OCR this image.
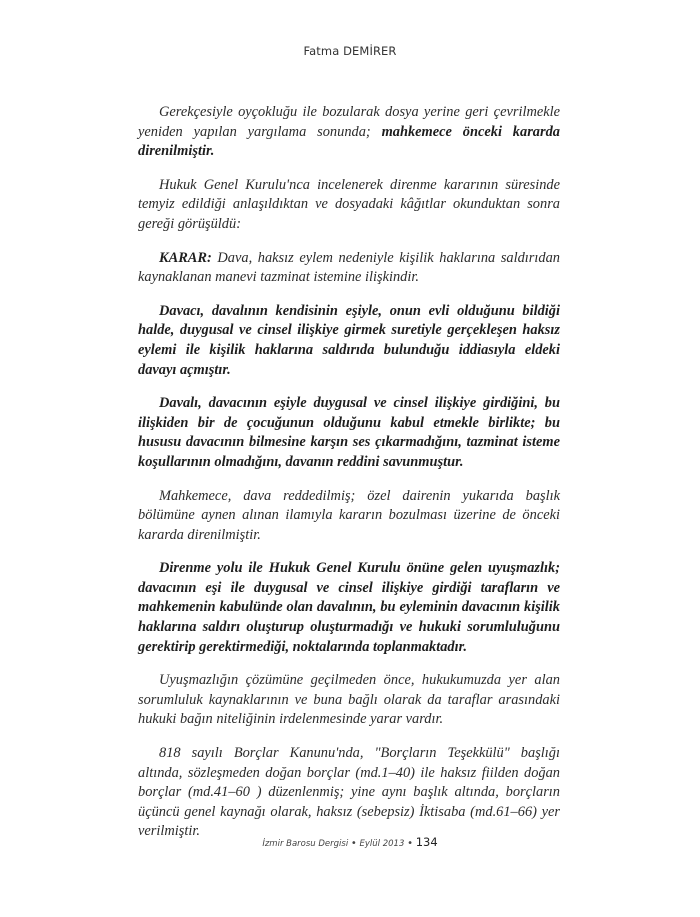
Fatma DEMİRER

Gerekçesiyle oyçokluğu ile bozularak dosya yerine geri çevrilmekle yeniden yapılan yargılama sonunda; mahkemece önceki kararda direnilmiştir.

Hukuk Genel Kurulu'nca incelenerek direnme kararının süresinde temyiz edildiği anlaşıldıktan ve dosyadaki kâğıtlar okunduktan sonra gereği görüşüldü:

KARAR: Dava, haksız eylem nedeniyle kişilik haklarına saldırıdan kaynaklanan manevi tazminat istemine ilişkindir.

Davacı, davalının kendisinin eşiyle, onun evli olduğunu bildiği halde, duygusal ve cinsel ilişkiye girmek suretiyle gerçekleşen haksız eylemi ile kişilik haklarına saldırıda bulunduğu iddiasıyla eldeki davayı açmıştır.

Davalı, davacının eşiyle duygusal ve cinsel ilişkiye girdiğini, bu ilişkiden bir de çocuğunun olduğunu kabul etmekle birlikte; bu hususu davacının bilmesine karşın ses çıkarmadığını, tazminat isteme koşullarının olmadığını, davanın reddini savunmuştur.

Mahkemece, dava reddedilmiş; özel dairenin yukarıda başlık bölümüne aynen alınan ilamıyla kararın bozulması üzerine de önceki kararda direnilmiştir.

Direnme yolu ile Hukuk Genel Kurulu önüne gelen uyuşmazlık; davacının eşi ile duygusal ve cinsel ilişkiye girdiği tarafların ve mahkemenin kabulünde olan davalının, bu eyleminin davacının kişilik haklarına saldırı oluşturup oluşturmadığı ve hukuki sorumluluğunu gerektirip gerektirmediği, noktalarında toplanmaktadır.

Uyuşmazlığın çözümüne geçilmeden önce, hukukumuzda yer alan sorumluluk kaynaklarının ve buna bağlı olarak da taraflar arasındaki hukuki bağın niteliğinin irdelenmesinde yarar vardır.

818 sayılı Borçlar Kanunu'nda, "Borçların Teşekkülü" başlığı altında, sözleşmeden doğan borçlar (md.1–40) ile haksız fiilden doğan borçlar (md.41–60 ) düzenlenmiş; yine aynı başlık altında, borçların üçüncü genel kaynağı olarak, haksız (sebepsiz) İktisaba (md.61–66) yer verilmiştir.

İzmir Barosu Dergisi • Eylül 2013 • 134
